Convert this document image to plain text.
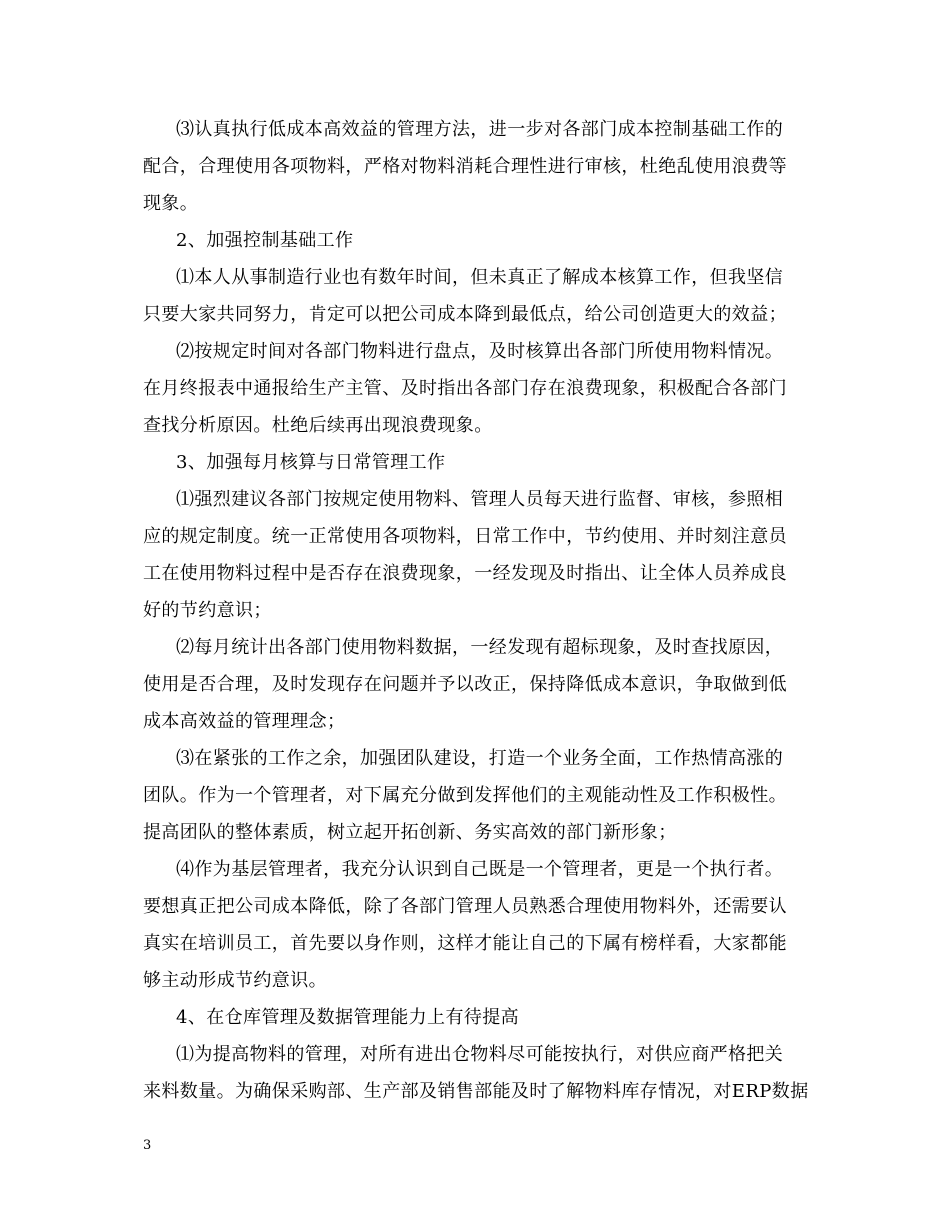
⑶认真执行低成本高效益的管理方法，进一步对各部门成本控制基础工作的
配合，合理使用各项物料，严格对物料消耗合理性进行审核，杜绝乱使用浪费等
现象。
2、加强控制基础工作
⑴本人从事制造行业也有数年时间，但未真正了解成本核算工作，但我坚信
只要大家共同努力，肯定可以把公司成本降到最低点，给公司创造更大的效益；
⑵按规定时间对各部门物料进行盘点，及时核算出各部门所使用物料情况。
在月终报表中通报给生产主管、及时指出各部门存在浪费现象，积极配合各部门
查找分析原因。杜绝后续再出现浪费现象。
3、加强每月核算与日常管理工作
⑴强烈建议各部门按规定使用物料、管理人员每天进行监督、审核，参照相
应的规定制度。统一正常使用各项物料，日常工作中，节约使用、并时刻注意员
工在使用物料过程中是否存在浪费现象，一经发现及时指出、让全体人员养成良
好的节约意识；
⑵每月统计出各部门使用物料数据，一经发现有超标现象，及时查找原因，
使用是否合理，及时发现存在问题并予以改正，保持降低成本意识，争取做到低
成本高效益的管理理念；
⑶在紧张的工作之余，加强团队建设，打造一个业务全面，工作热情高涨的
团队。作为一个管理者，对下属充分做到发挥他们的主观能动性及工作积极性。
提高团队的整体素质，树立起开拓创新、务实高效的部门新形象；
⑷作为基层管理者，我充分认识到自己既是一个管理者，更是一个执行者。
要想真正把公司成本降低，除了各部门管理人员熟悉合理使用物料外，还需要认
真实在培训员工，首先要以身作则，这样才能让自己的下属有榜样看，大家都能
够主动形成节约意识。
4、在仓库管理及数据管理能力上有待提高
⑴为提高物料的管理，对所有进出仓物料尽可能按执行，对供应商严格把关
来料数量。为确保采购部、生产部及销售部能及时了解物料库存情况，对ERP数据
3
